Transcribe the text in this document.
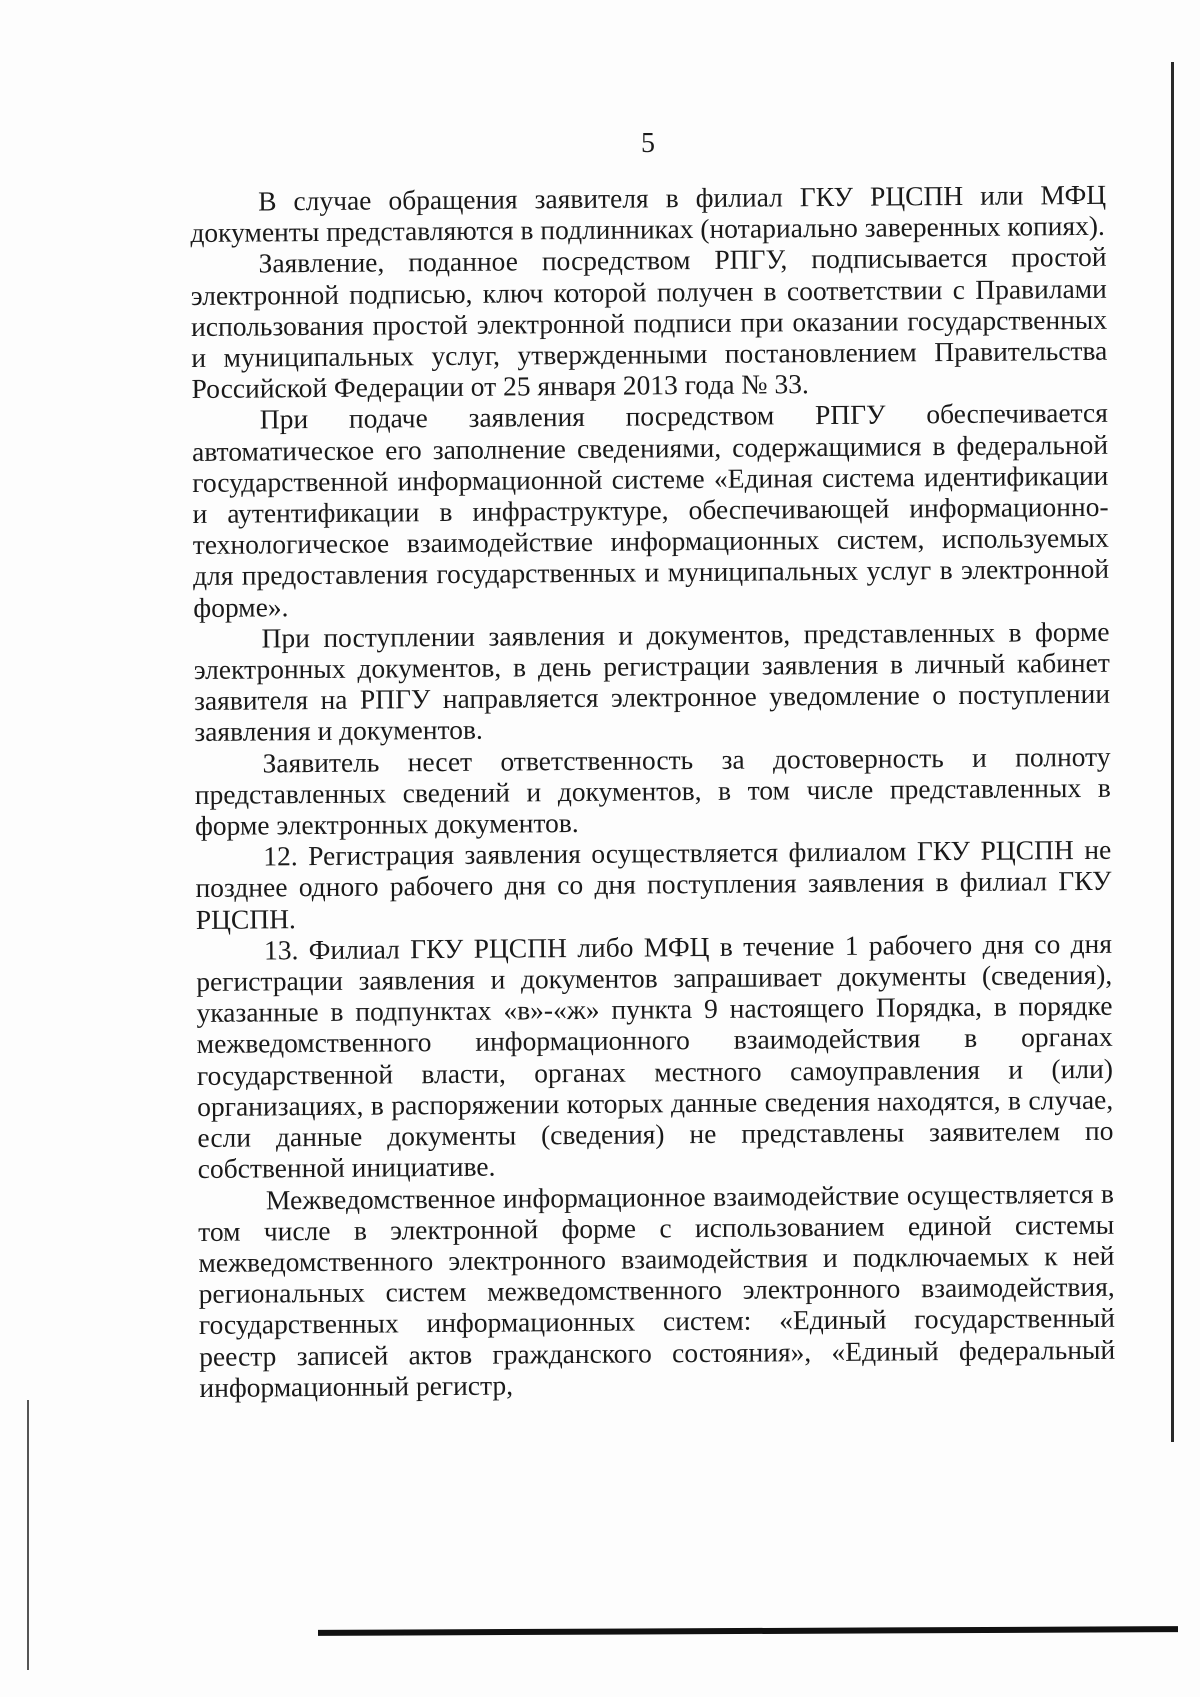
5

В случае обращения заявителя в филиал ГКУ РЦСПН или МФЦ документы представляются в подлинниках (нотариально заверенных копиях).

Заявление, поданное посредством РПГУ, подписывается простой электронной подписью, ключ которой получен в соответствии с Правилами использования простой электронной подписи при оказании государственных и муниципальных услуг, утвержденными постановлением Правительства Российской Федерации от 25 января 2013 года № 33.

При подаче заявления посредством РПГУ обеспечивается автоматическое его заполнение сведениями, содержащимися в федеральной государственной информационной системе «Единая система идентификации и аутентификации в инфраструктуре, обеспечивающей информационно-технологическое взаимодействие информационных систем, используемых для предоставления государственных и муниципальных услуг в электронной форме».

При поступлении заявления и документов, представленных в форме электронных документов, в день регистрации заявления в личный кабинет заявителя на РПГУ направляется электронное уведомление о поступлении заявления и документов.

Заявитель несет ответственность за достоверность и полноту представленных сведений и документов, в том числе представленных в форме электронных документов.

12. Регистрация заявления осуществляется филиалом ГКУ РЦСПН не позднее одного рабочего дня со дня поступления заявления в филиал ГКУ РЦСПН.

13. Филиал ГКУ РЦСПН либо МФЦ в течение 1 рабочего дня со дня регистрации заявления и документов запрашивает документы (сведения), указанные в подпунктах «в»-«ж» пункта 9 настоящего Порядка, в порядке межведомственного информационного взаимодействия в органах государственной власти, органах местного самоуправления и (или) организациях, в распоряжении которых данные сведения находятся, в случае, если данные документы (сведения) не представлены заявителем по собственной инициативе.

Межведомственное информационное взаимодействие осуществляется в том числе в электронной форме с использованием единой системы межведомственного электронного взаимодействия и подключаемых к ней региональных систем межведомственного электронного взаимодействия, государственных информационных систем: «Единый государственный реестр записей актов гражданского состояния», «Единый федеральный информационный регистр,
